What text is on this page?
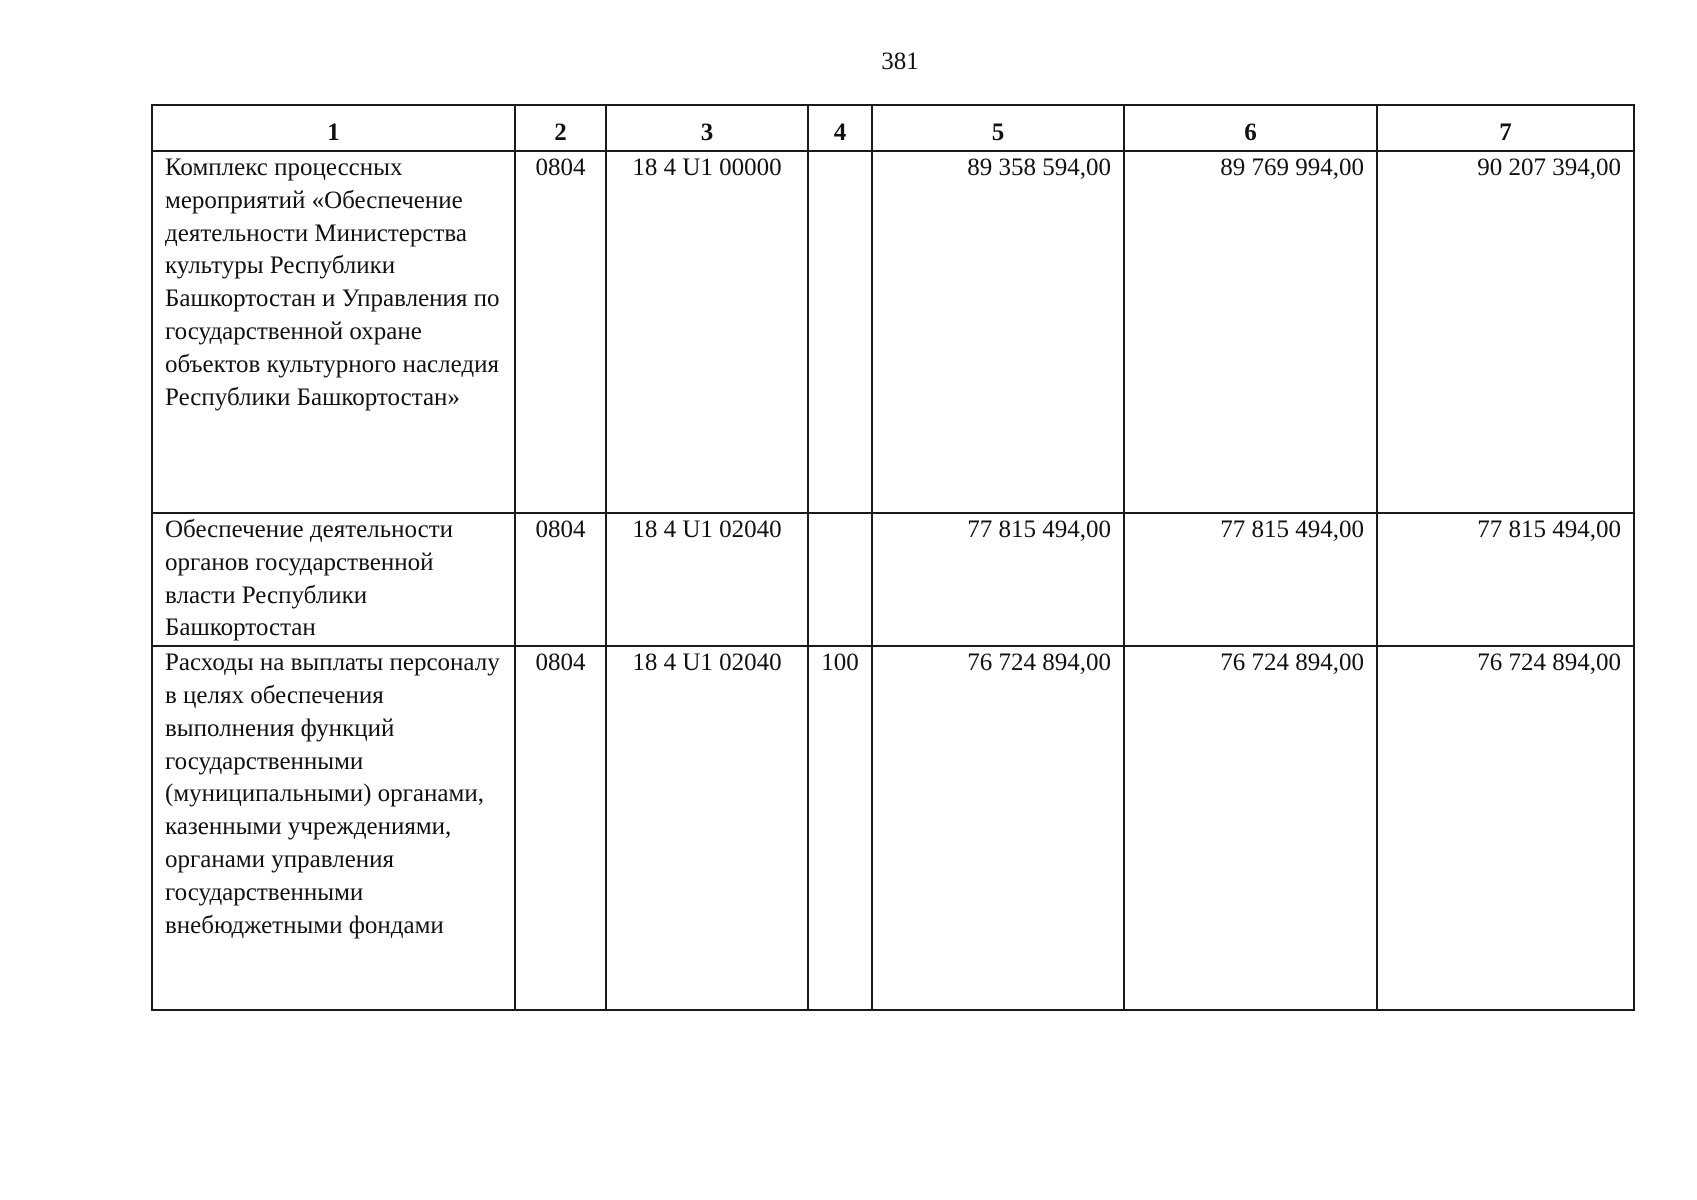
381
1	2	3	4	5	6	7
Комплекс процессных мероприятий «Обеспечение деятельности Министерства культуры Республики Башкортостан и Управления по государственной охране объектов культурного наследия Республики Башкортостан»	0804	18 4 U1 00000		89 358 594,00	89 769 994,00	90 207 394,00
Обеспечение деятельности органов государственной власти Республики Башкортостан	0804	18 4 U1 02040		77 815 494,00	77 815 494,00	77 815 494,00
Расходы на выплаты персоналу в целях обеспечения выполнения функций государственными (муниципальными) органами, казенными учреждениями, органами управления государственными внебюджетными фондами	0804	18 4 U1 02040	100	76 724 894,00	76 724 894,00	76 724 894,00
